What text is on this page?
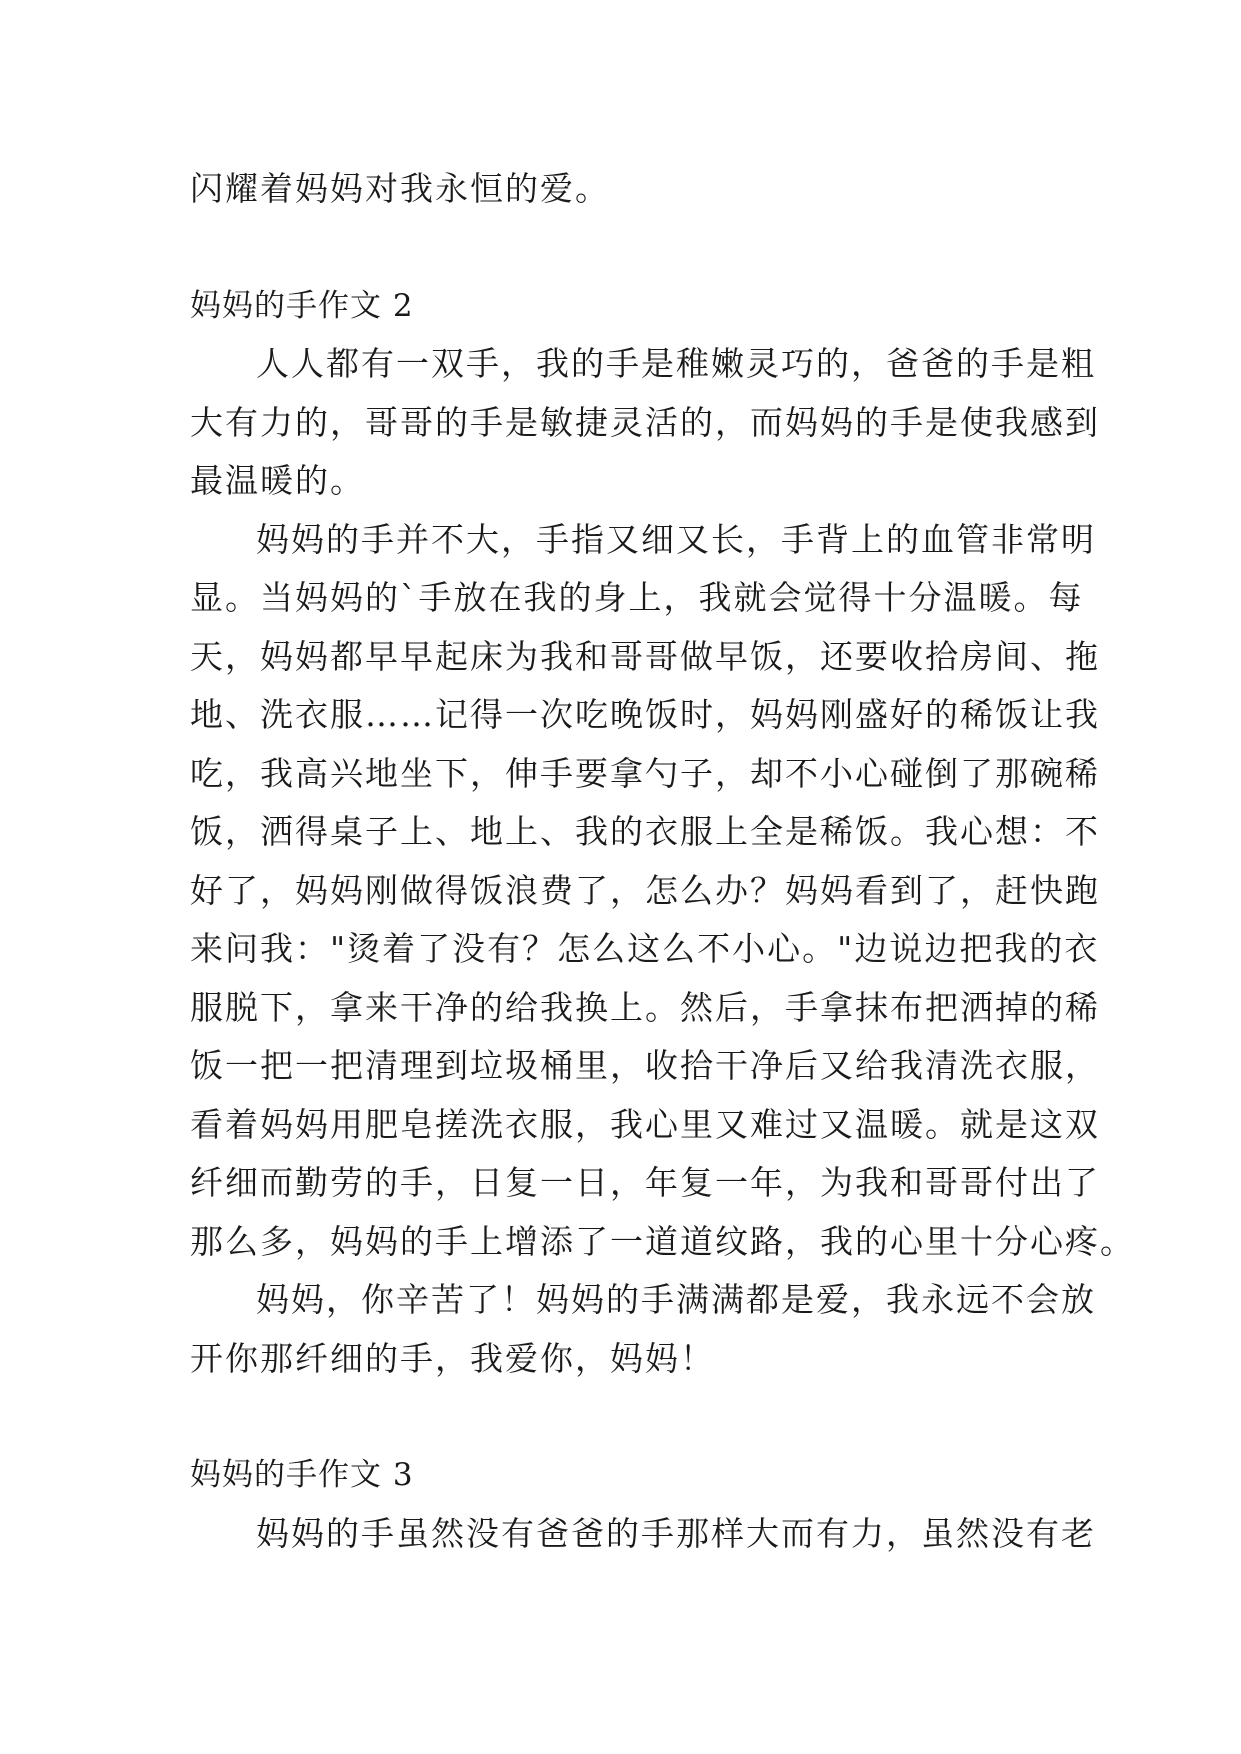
闪耀着妈妈对我永恒的爱。
妈妈的手作文 2
人人都有一双手，我的手是稚嫩灵巧的，爸爸的手是粗
大有力的，哥哥的手是敏捷灵活的，而妈妈的手是使我感到
最温暖的。
妈妈的手并不大，手指又细又长，手背上的血管非常明
显。当妈妈的`手放在我的身上，我就会觉得十分温暖。每
天，妈妈都早早起床为我和哥哥做早饭，还要收拾房间、拖
地、洗衣服……记得一次吃晚饭时，妈妈刚盛好的稀饭让我
吃，我高兴地坐下，伸手要拿勺子，却不小心碰倒了那碗稀
饭，洒得桌子上、地上、我的衣服上全是稀饭。我心想：不
好了，妈妈刚做得饭浪费了，怎么办？妈妈看到了，赶快跑
来问我："烫着了没有？怎么这么不小心。"边说边把我的衣
服脱下，拿来干净的给我换上。然后，手拿抹布把洒掉的稀
饭一把一把清理到垃圾桶里，收拾干净后又给我清洗衣服，
看着妈妈用肥皂搓洗衣服，我心里又难过又温暖。就是这双
纤细而勤劳的手，日复一日，年复一年，为我和哥哥付出了
那么多，妈妈的手上增添了一道道纹路，我的心里十分心疼。
妈妈，你辛苦了！妈妈的手满满都是爱，我永远不会放
开你那纤细的手，我爱你，妈妈！
妈妈的手作文 3
妈妈的手虽然没有爸爸的手那样大而有力，虽然没有老
